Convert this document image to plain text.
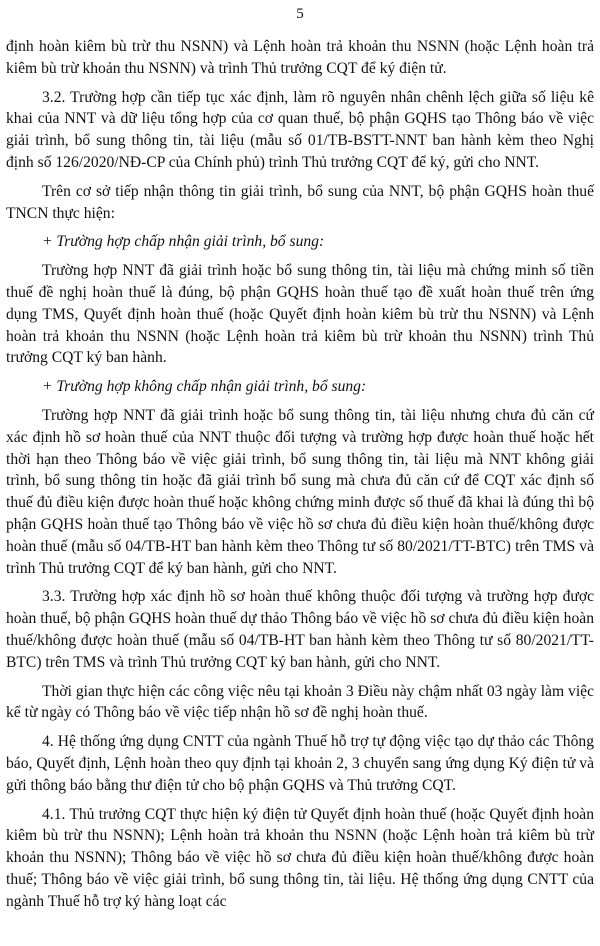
5

định hoàn kiêm bù trừ thu NSNN) và Lệnh hoàn trả khoản thu NSNN (hoặc Lệnh hoàn trả kiêm bù trừ khoản thu NSNN) và trình Thủ trưởng CQT để ký điện tử.

3.2. Trường hợp cần tiếp tục xác định, làm rõ nguyên nhân chênh lệch giữa số liệu kê khai của NNT và dữ liệu tổng hợp của cơ quan thuế, bộ phận GQHS tạo Thông báo về việc giải trình, bổ sung thông tin, tài liệu (mẫu số 01/TB-BSTT-NNT ban hành kèm theo Nghị định số 126/2020/NĐ-CP của Chính phủ) trình Thủ trưởng CQT để ký, gửi cho NNT.

Trên cơ sở tiếp nhận thông tin giải trình, bổ sung của NNT, bộ phận GQHS hoàn thuế TNCN thực hiện:

+ Trường hợp chấp nhận giải trình, bổ sung:

Trường hợp NNT đã giải trình hoặc bổ sung thông tin, tài liệu mà chứng minh số tiền thuế đề nghị hoàn thuế là đúng, bộ phận GQHS hoàn thuế tạo đề xuất hoàn thuế trên ứng dụng TMS, Quyết định hoàn thuế (hoặc Quyết định hoàn kiêm bù trừ thu NSNN) và Lệnh hoàn trả khoản thu NSNN (hoặc Lệnh hoàn trả kiêm bù trừ khoản thu NSNN) trình Thủ trưởng CQT ký ban hành.

+ Trường hợp không chấp nhận giải trình, bổ sung:

Trường hợp NNT đã giải trình hoặc bổ sung thông tin, tài liệu nhưng chưa đủ căn cứ xác định hồ sơ hoàn thuế của NNT thuộc đối tượng và trường hợp được hoàn thuế hoặc hết thời hạn theo Thông báo về việc giải trình, bổ sung thông tin, tài liệu mà NNT không giải trình, bổ sung thông tin hoặc đã giải trình bổ sung mà chưa đủ căn cứ để CQT xác định số thuế đủ điều kiện được hoàn thuế hoặc không chứng minh được số thuế đã khai là đúng thì bộ phận GQHS hoàn thuế tạo Thông báo về việc hồ sơ chưa đủ điều kiện hoàn thuế/không được hoàn thuế (mẫu số 04/TB-HT ban hành kèm theo Thông tư số 80/2021/TT-BTC) trên TMS và trình Thủ trưởng CQT để ký ban hành, gửi cho NNT.

3.3. Trường hợp xác định hồ sơ hoàn thuế không thuộc đối tượng và trường hợp được hoàn thuế, bộ phận GQHS hoàn thuế dự thảo Thông báo về việc hồ sơ chưa đủ điều kiện hoàn thuế/không được hoàn thuế (mẫu số 04/TB-HT ban hành kèm theo Thông tư số 80/2021/TT-BTC) trên TMS và trình Thủ trưởng CQT ký ban hành, gửi cho NNT.

Thời gian thực hiện các công việc nêu tại khoản 3 Điều này chậm nhất 03 ngày làm việc kể từ ngày có Thông báo về việc tiếp nhận hồ sơ đề nghị hoàn thuế.

4. Hệ thống ứng dụng CNTT của ngành Thuế hỗ trợ tự động việc tạo dự thảo các Thông báo, Quyết định, Lệnh hoàn theo quy định tại khoản 2, 3 chuyển sang ứng dụng Ký điện tử và gửi thông báo bằng thư điện tử cho bộ phận GQHS và Thủ trưởng CQT.

4.1. Thủ trưởng CQT thực hiện ký điện tử Quyết định hoàn thuế (hoặc Quyết định hoàn kiêm bù trừ thu NSNN); Lệnh hoàn trả khoản thu NSNN (hoặc Lệnh hoàn trả kiêm bù trừ khoản thu NSNN); Thông báo về việc hồ sơ chưa đủ điều kiện hoàn thuế/không được hoàn thuế; Thông báo về việc giải trình, bổ sung thông tin, tài liệu. Hệ thống ứng dụng CNTT của ngành Thuế hỗ trợ ký hàng loạt các
